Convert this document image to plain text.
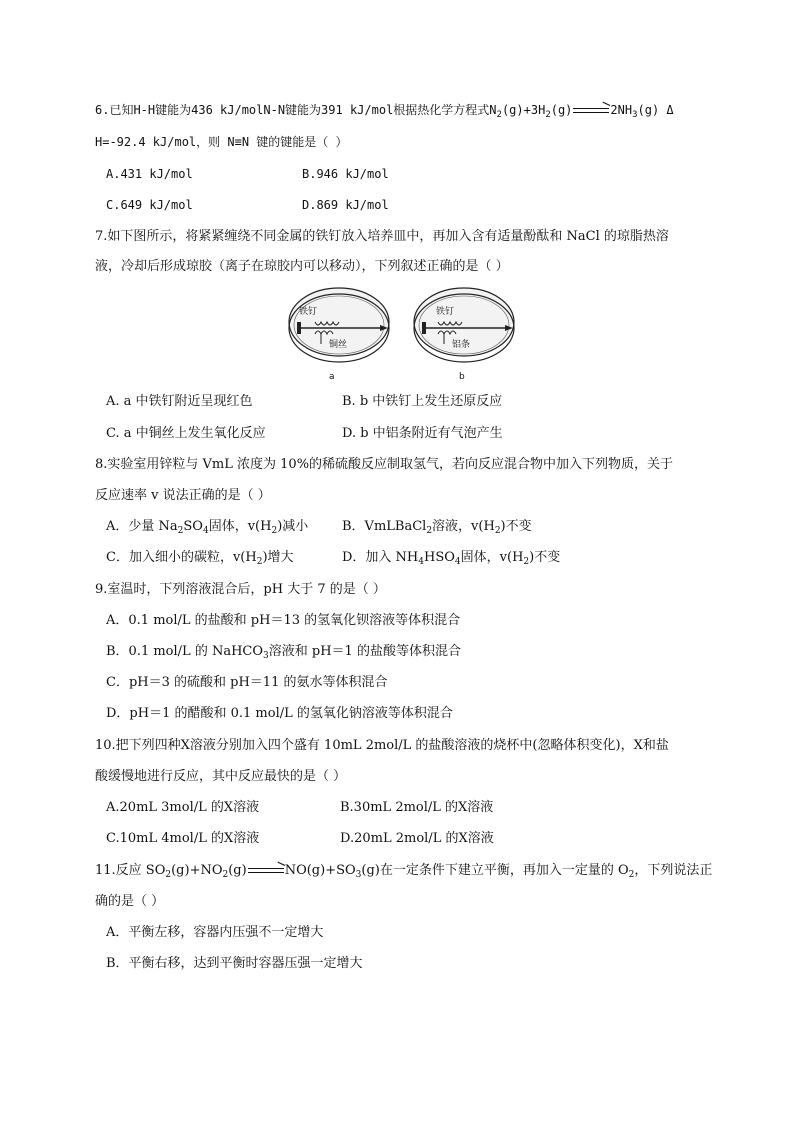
6.已知H-H键能为436 kJ/molN-N键能为391 kJ/mol根据热化学方程式$N_2(g)+3H_2(g)\to 2NH_3(g)$ Δ
H=-92.4 kJ/mol，则 N≡N 键的键能是（ ）
A.431 kJ/mol	B.946 kJ/mol
C.649 kJ/mol	D.869 kJ/mol
7.如下图所示，将紧紧缠绕不同金属的铁钉放入培养皿中，再加入含有适量酚酞和 NaCl 的琼脂热溶
液，冷却后形成琼胶（离子在琼胶内可以移动），下列叙述正确的是（ ）
铁钉
铜丝
a
铁钉
铝条
b
A. a 中铁钉附近呈现红色	B. b 中铁钉上发生还原反应
C. a 中铜丝上发生氧化反应	D. b 中铝条附近有气泡产生
8.实验室用锌粒与 VmL 浓度为 10%的稀硫酸反应制取氢气，若向反应混合物中加入下列物质，关于
反应速率 v 说法正确的是（ ）
A．少量 $Na_2SO_4$固体，$v(H_2)$减小	B．VmLBaCl$_2$溶液，$v(H_2)$不变
C．加入细小的碳粒，$v(H_2)$增大	D．加入 $NH_4HSO_4$固体，$v(H_2)$不变
9.室温时，下列溶液混合后，pH 大于 7 的是（ ）
A．0.1 mol/L 的盐酸和 pH＝13 的氢氧化钡溶液等体积混合
B．0.1 mol/L 的 NaHCO$_3$溶液和 pH＝1 的盐酸等体积混合
C．pH＝3 的硫酸和 pH＝11 的氨水等体积混合
D．pH＝1 的醋酸和 0.1 mol/L 的氢氧化钠溶液等体积混合
10.把下列四种X溶液分别加入四个盛有 10mL 2mol/L 的盐酸溶液的烧杯中(忽略体积变化)，X和盐
酸缓慢地进行反应，其中反应最快的是（ ）
A.20mL 3mol/L 的X溶液	B.30mL 2mol/L 的X溶液
C.10mL 4mol/L 的X溶液	D.20mL 2mol/L 的X溶液
11.反应 $SO_2(g)+NO_2(g)\to NO(g)+SO_3(g)$在一定条件下建立平衡，再加入一定量的 $O_2$，下列说法正
确的是（ ）
A．平衡左移，容器内压强不一定增大
B．平衡右移，达到平衡时容器压强一定增大
